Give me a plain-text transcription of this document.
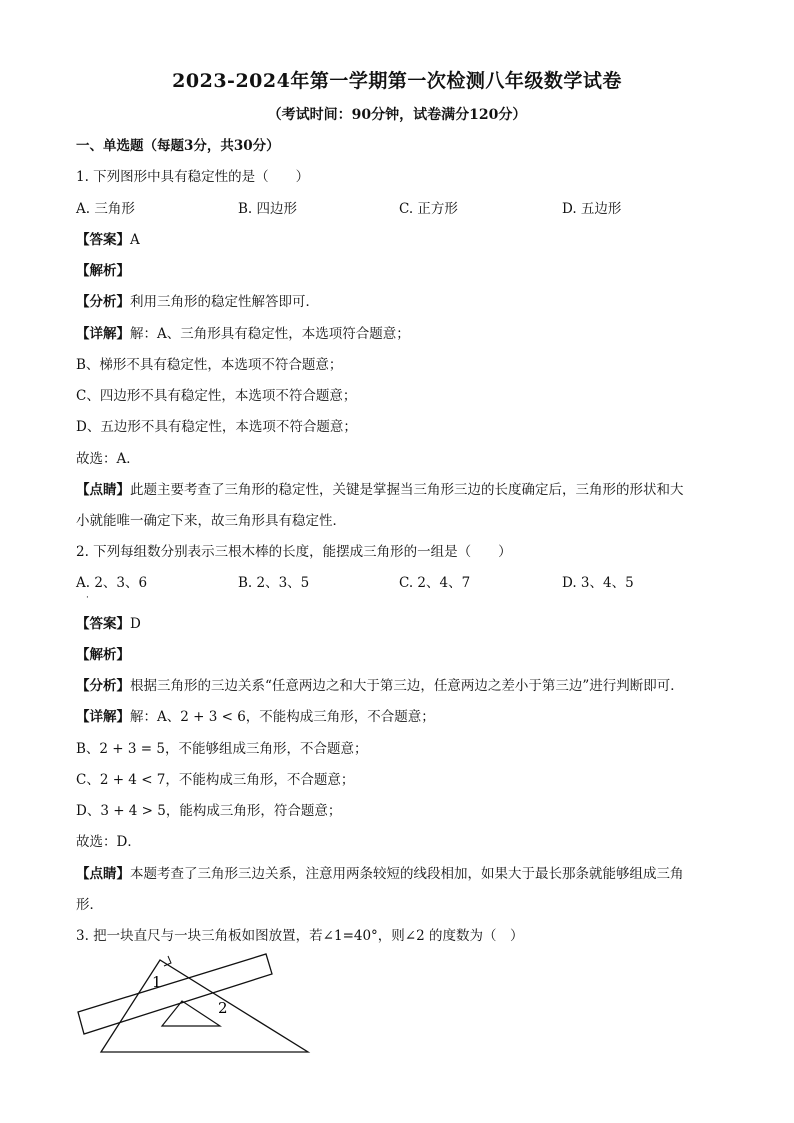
2023-2024年第一学期第一次检测八年级数学试卷
（考试时间：90分钟，试卷满分120分）
一、单选题（每题3分，共30分）
1. 下列图形中具有稳定性的是（　　）
A. 三角形	B. 四边形	C. 正方形	D. 五边形
【答案】A
【解析】
【分析】利用三角形的稳定性解答即可．
【详解】解：A、三角形具有稳定性，本选项符合题意；
B、梯形不具有稳定性，本选项不符合题意；
C、四边形不具有稳定性，本选项不符合题意；
D、五边形不具有稳定性，本选项不符合题意；
故选：A．
【点睛】此题主要考查了三角形的稳定性，关键是掌握当三角形三边的长度确定后，三角形的形状和大
小就能唯一确定下来，故三角形具有稳定性．
2. 下列每组数分别表示三根木棒的长度，能摆成三角形的一组是（　　）
A. 2、3、6	B. 2、3、5	C. 2、4、7	D. 3、4、5
·
【答案】D
【解析】
【分析】根据三角形的三边关系“任意两边之和大于第三边，任意两边之差小于第三边”进行判断即可．
【详解】解：A、2 + 3 < 6，不能构成三角形，不合题意；
B、2 + 3 = 5，不能够组成三角形，不合题意；
C、2 + 4 < 7，不能构成三角形，不合题意；
D、3 + 4 > 5，能构成三角形，符合题意；
故选：D．
【点睛】本题考查了三角形三边关系，注意用两条较短的线段相加，如果大于最长那条就能够组成三角
形．
3. 把一块直尺与一块三角板如图放置，若∠1=40°，则∠2 的度数为（　）
1
2
